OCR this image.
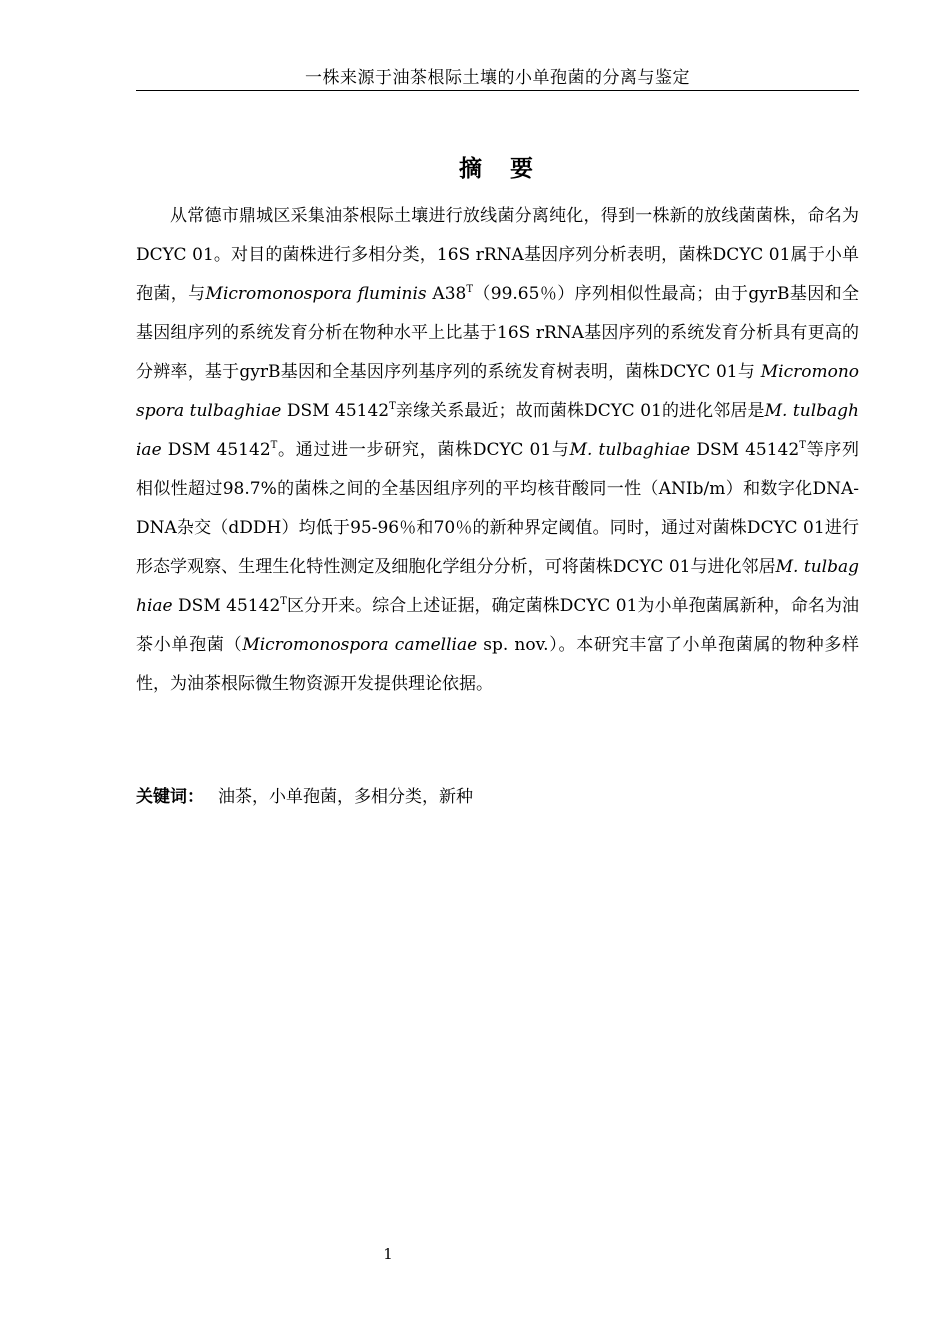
一株来源于油茶根际土壤的小单孢菌的分离与鉴定
摘 要

从常德市鼎城区采集油茶根际土壤进行放线菌分离纯化，得到一株新的放线菌菌株，命名为DCYC 01。对目的菌株进行多相分类，16S rRNA基因序列分析表明，菌株DCYC 01属于小单孢菌，与Micromonospora fluminis $A38^T(99.65$％）序列相似性最高；由于gyrB基因和全基因组序列的系统发育分析在物种水平上比基于16S rRNA基因序列的系统发育分析具有更高的分辨率，基于gyrB基因和全基因序列基序列的系统发育树表明，菌株DCYC 01与 Micromonospora tulbaghiae DSM $45142^T$亲缘关系最近；故而菌株DCYC 01的进化邻居是M. tulbaghiae DSM $45142^T$。通过进一步研究，菌株DCYC 01与M. tulbaghiae DSM $45142^T$等序列相似性超过98.7%的菌株之间的全基因组序列的平均核苷酸同一性（ANIb/m）和数字化DNA-DNA杂交（dDDH）均低于95-96％和70％的新种界定阈值。同时，通过对菌株DCYC 01进行形态学观察、生理生化特性测定及细胞化学组分分析，可将菌株DCYC 01与进化邻居M. tulbaghiae DSM $45142^T$区分开来。综合上述证据，确定菌株DCYC 01为小单孢菌属新种，命名为油茶小单孢菌（Micromonospora camelliae sp. nov.）。本研究丰富了小单孢菌属的物种多样性，为油茶根际微生物资源开发提供理论依据。

关键词： 油茶，小单孢菌，多相分类，新种
1
